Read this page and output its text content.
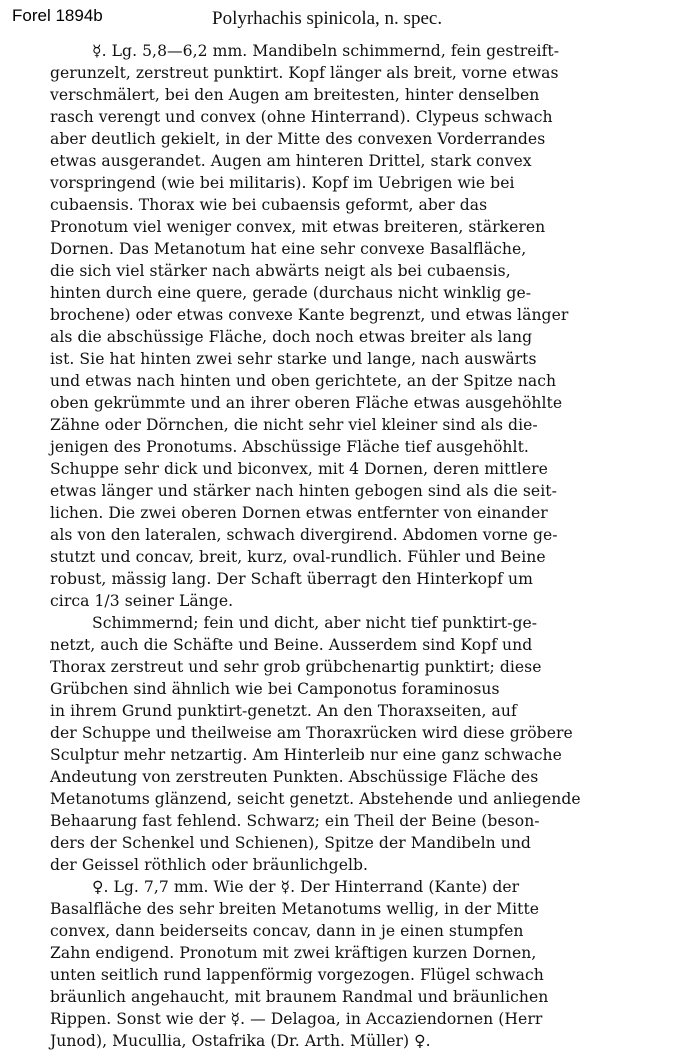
Forel 1894b	Polyrhachis spinicola, n. spec.
☿. Lg. 5,8—6,2 mm. Mandibeln schimmernd, fein gestreift-
gerunzelt, zerstreut punktirt. Kopf länger als breit, vorne etwas
verschmälert, bei den Augen am breitesten, hinter denselben
rasch verengt und convex (ohne Hinterrand). Clypeus schwach
aber deutlich gekielt, in der Mitte des convexen Vorderrandes
etwas ausgerandet. Augen am hinteren Drittel, stark convex
vorspringend (wie bei militaris). Kopf im Uebrigen wie bei
cubaensis. Thorax wie bei cubaensis geformt, aber das
Pronotum viel weniger convex, mit etwas breiteren, stärkeren
Dornen. Das Metanotum hat eine sehr convexe Basalfläche,
die sich viel stärker nach abwärts neigt als bei cubaensis,
hinten durch eine quere, gerade (durchaus nicht winklig ge-
brochene) oder etwas convexe Kante begrenzt, und etwas länger
als die abschüssige Fläche, doch noch etwas breiter als lang
ist. Sie hat hinten zwei sehr starke und lange, nach auswärts
und etwas nach hinten und oben gerichtete, an der Spitze nach
oben gekrümmte und an ihrer oberen Fläche etwas ausgehöhlte
Zähne oder Dörnchen, die nicht sehr viel kleiner sind als die-
jenigen des Pronotums. Abschüssige Fläche tief ausgehöhlt.
Schuppe sehr dick und biconvex, mit 4 Dornen, deren mittlere
etwas länger und stärker nach hinten gebogen sind als die seit-
lichen. Die zwei oberen Dornen etwas entfernter von einander
als von den lateralen, schwach divergirend. Abdomen vorne ge-
stutzt und concav, breit, kurz, oval-rundlich. Fühler und Beine
robust, mässig lang. Der Schaft überragt den Hinterkopf um
circa 1/3 seiner Länge.
Schimmernd; fein und dicht, aber nicht tief punktirt-ge-
netzt, auch die Schäfte und Beine. Ausserdem sind Kopf und
Thorax zerstreut und sehr grob grübchenartig punktirt; diese
Grübchen sind ähnlich wie bei Camponotus foraminosus
in ihrem Grund punktirt-genetzt. An den Thoraxseiten, auf
der Schuppe und theilweise am Thoraxrücken wird diese gröbere
Sculptur mehr netzartig. Am Hinterleib nur eine ganz schwache
Andeutung von zerstreuten Punkten. Abschüssige Fläche des
Metanotums glänzend, seicht genetzt. Abstehende und anliegende
Behaarung fast fehlend. Schwarz; ein Theil der Beine (beson-
ders der Schenkel und Schienen), Spitze der Mandibeln und
der Geissel röthlich oder bräunlichgelb.
♀. Lg. 7,7 mm. Wie der ☿. Der Hinterrand (Kante) der
Basalfläche des sehr breiten Metanotums wellig, in der Mitte
convex, dann beiderseits concav, dann in je einen stumpfen
Zahn endigend. Pronotum mit zwei kräftigen kurzen Dornen,
unten seitlich rund lappenförmig vorgezogen. Flügel schwach
bräunlich angehaucht, mit braunem Randmal und bräunlichen
Rippen. Sonst wie der ☿. — Delagoa, in Accaziendornen (Herr
Junod), Mucullia, Ostafrika (Dr. Arth. Müller) ♀.
